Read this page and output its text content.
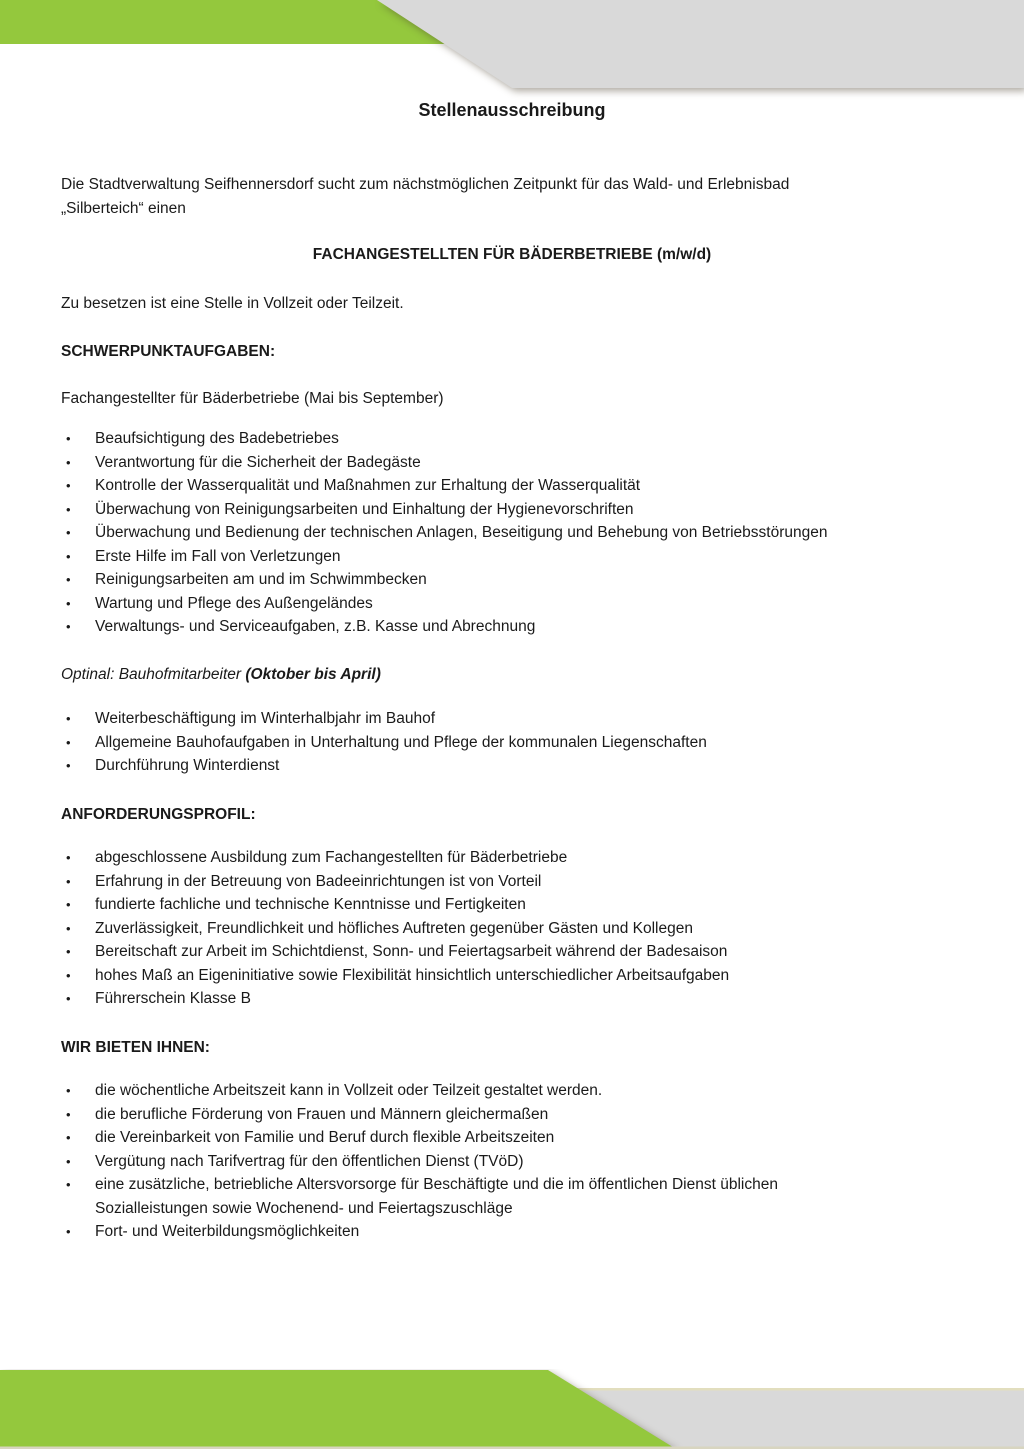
Stellenausschreibung

Die Stadtverwaltung Seifhennersdorf sucht zum nächstmöglichen Zeitpunkt für das Wald- und Erlebnisbad
„Silberteich“ einen

FACHANGESTELLTEN FÜR BÄDERBETRIEBE (m/w/d)

Zu besetzen ist eine Stelle in Vollzeit oder Teilzeit.

SCHWERPUNKTAUFGABEN:

Fachangestellter für Bäderbetriebe (Mai bis September)

•	Beaufsichtigung des Badebetriebes
•	Verantwortung für die Sicherheit der Badegäste
•	Kontrolle der Wasserqualität und Maßnahmen zur Erhaltung der Wasserqualität
•	Überwachung von Reinigungsarbeiten und Einhaltung der Hygienevorschriften
•	Überwachung und Bedienung der technischen Anlagen, Beseitigung und Behebung von Betriebsstörungen
•	Erste Hilfe im Fall von Verletzungen
•	Reinigungsarbeiten am und im Schwimmbecken
•	Wartung und Pflege des Außengeländes
•	Verwaltungs- und Serviceaufgaben, z.B. Kasse und Abrechnung

Optinal: Bauhofmitarbeiter (Oktober bis April)

•	Weiterbeschäftigung im Winterhalbjahr im Bauhof
•	Allgemeine Bauhofaufgaben in Unterhaltung und Pflege der kommunalen Liegenschaften
•	Durchführung Winterdienst

ANFORDERUNGSPROFIL:

•	abgeschlossene Ausbildung zum Fachangestellten für Bäderbetriebe
•	Erfahrung in der Betreuung von Badeeinrichtungen ist von Vorteil
•	fundierte fachliche und technische Kenntnisse und Fertigkeiten
•	Zuverlässigkeit, Freundlichkeit und höfliches Auftreten gegenüber Gästen und Kollegen
•	Bereitschaft zur Arbeit im Schichtdienst, Sonn- und Feiertagsarbeit während der Badesaison
•	hohes Maß an Eigeninitiative sowie Flexibilität hinsichtlich unterschiedlicher Arbeitsaufgaben
•	Führerschein Klasse B

WIR BIETEN IHNEN:

•	die wöchentliche Arbeitszeit kann in Vollzeit oder Teilzeit gestaltet werden.
•	die berufliche Förderung von Frauen und Männern gleichermaßen
•	die Vereinbarkeit von Familie und Beruf durch flexible Arbeitszeiten
•	Vergütung nach Tarifvertrag für den öffentlichen Dienst (TVöD)
•	eine zusätzliche, betriebliche Altersvorsorge für Beschäftigte und die im öffentlichen Dienst üblichen
Sozialleistungen sowie Wochenend- und Feiertagszuschläge
•	Fort- und Weiterbildungsmöglichkeiten
